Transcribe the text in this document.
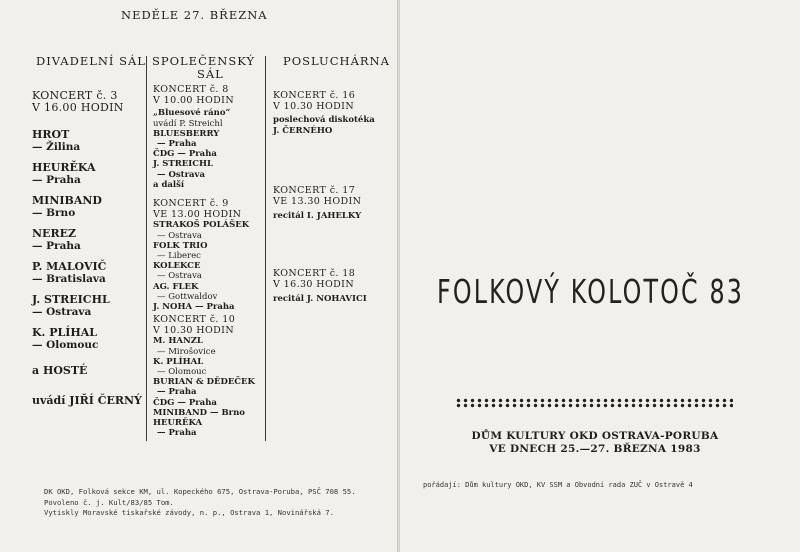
NEDĚLE 27. BŘEZNA
DIVADELNÍ SÁL SPOLEČENSKÝ
SÁL
POSLUCHÁRNA
KONCERT č. 3
V 16.00 HODIN
HROT
— Žilina
HEURĚKA
— Praha
MINIBAND
— Brno
NEREZ
— Praha
P. MALOVIČ
— Bratislava
J. STREICHL
— Ostrava
K. PLÍHAL
— Olomouc
a HOSTÉ
uvádí JIŘÍ ČERNÝ
KONCERT č. 8
V 10.00 HODIN
„Bluesové ráno“
uvádí P. Streichl
BLUESBERRY
— Praha
ČDG — Praha
J. STREICHL
— Ostrava
a další
KONCERT č. 9
VE 13.00 HODIN
STRAKOŠ POLÁŠEK
— Ostrava
FOLK TRIO
— Liberec
KOLEKCE
— Ostrava
AG. FLEK
— Gottwaldov
J. NOHA — Praha
KONCERT č. 10
V 10.30 HODIN
M. HANZL
— Mirošovice
K. PLÍHAL
— Olomouc
BURIAN & DĚDEČEK
— Praha
ČDG — Praha
MINIBAND — Brno
HEURĚKA
— Praha
KONCERT č. 16
V 10.30 HODIN
poslechová diskotéka
J. ČERNÉHO
KONCERT č. 17
VE 13.30 HODIN
recitál I. JAHELKY
KONCERT č. 18
V 16.30 HODIN
recitál J. NOHAVICI
DK OKD, Folková sekce KM, ul. Kopeckého 675, Ostrava-Poruba, PSČ 708 55.
Povoleno č. j. Kult/83/85 Tom.
Vytiskly Moravské tiskařské závody, n. p., Ostrava 1, Novinářská 7.
FOLKOVÝ KOLOTOČ 83
DŮM KULTURY OKD OSTRAVA-PORUBA
VE DNECH 25.—27. BŘEZNA 1983
pořádají: Dům kultury OKD, KV SSM a Obvodní rada ZUČ v Ostravě 4
